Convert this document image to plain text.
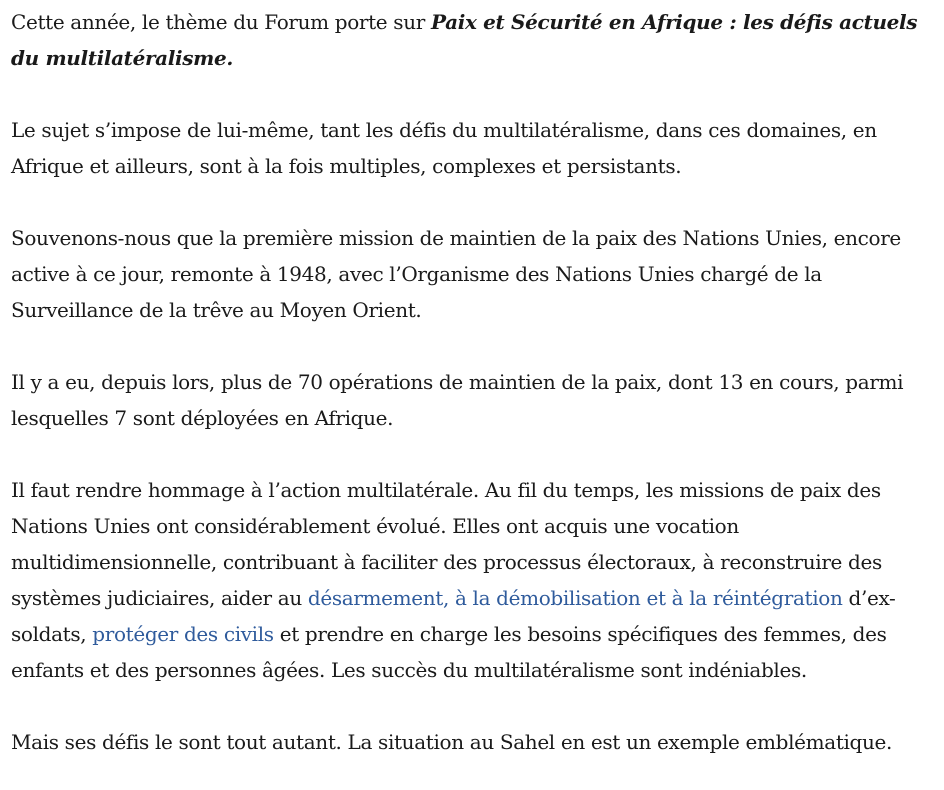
Cette année, le thème du Forum porte sur Paix et Sécurité en Afrique : les défis actuels du multilatéralisme.

Le sujet s’impose de lui-même, tant les défis du multilatéralisme, dans ces domaines, en Afrique et ailleurs, sont à la fois multiples, complexes et persistants.

Souvenons-nous que la première mission de maintien de la paix des Nations Unies, encore active à ce jour, remonte à 1948, avec l’Organisme des Nations Unies chargé de la Surveillance de la trêve au Moyen Orient.

Il y a eu, depuis lors, plus de 70 opérations de maintien de la paix, dont 13 en cours, parmi lesquelles 7 sont déployées en Afrique.

Il faut rendre hommage à l’action multilatérale. Au fil du temps, les missions de paix des Nations Unies ont considérablement évolué. Elles ont acquis une vocation multidimensionnelle, contribuant à faciliter des processus électoraux, à reconstruire des systèmes judiciaires, aider au désarmement, à la démobilisation et à la réintégration d’ex-soldats, protéger des civils et prendre en charge les besoins spécifiques des femmes, des enfants et des personnes âgées. Les succès du multilatéralisme sont indéniables.

Mais ses défis le sont tout autant. La situation au Sahel en est un exemple emblématique.
